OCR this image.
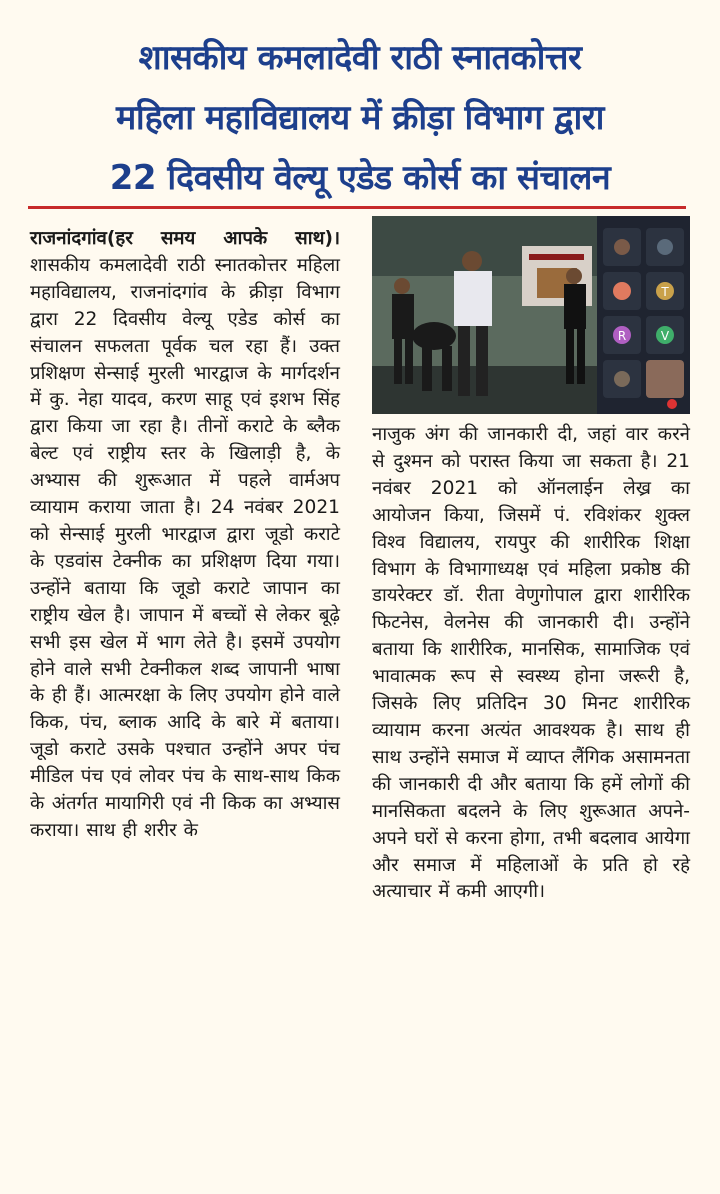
शासकीय कमलादेवी राठी स्नातकोत्तर
महिला महाविद्यालय में क्रीड़ा विभाग द्वारा
22 दिवसीय वेल्यू एडेड कोर्स का संचालन
राजनांदगांव(हर समय आपके साथ)। शासकीय कमलादेवी राठी स्नातकोत्तर महिला महाविद्यालय, राजनांदगांव के क्रीड़ा विभाग द्वारा 22 दिवसीय वेल्यू एडेड कोर्स का संचालन सफलता पूर्वक चल रहा हैं। उक्त प्रशिक्षण सेन्साई मुरली भारद्वाज के मार्गदर्शन में कु. नेहा यादव, करण साहू एवं इशभ सिंह द्वारा किया जा रहा है। तीनों कराटे के ब्लैक बेल्ट एवं राष्ट्रीय स्तर के खिलाड़ी है, के अभ्यास की शुरूआत में पहले वार्मअप व्यायाम कराया जाता है। 24 नवंबर 2021 को सेन्साई मुरली भारद्वाज द्वारा जूडो कराटे के एडवांस टेक्नीक का प्रशिक्षण दिया गया। उन्होंने बताया कि जूडो कराटे जापान का राष्ट्रीय खेल है। जापान में बच्चों से लेकर बूढ़े सभी इस खेल में भाग लेते है। इसमें उपयोग होने वाले सभी टेक्नीकल शब्द जापानी भाषा के ही हैं। आत्मरक्षा के लिए उपयोग होने वाले किक, पंच, ब्लाक आदि के बारे में बताया। जूडो कराटे उसके पश्चात उन्होंने अपर पंच मीडिल पंच एवं लोवर पंच के साथ-साथ किक के अंतर्गत मायागिरी एवं नी किक का अभ्यास कराया। साथ ही शरीर के
T
R	V
नाजुक अंग की जानकारी दी, जहां वार करने से दुश्मन को परास्त किया जा सकता है। 21 नवंबर 2021 को ऑनलाईन लेख्र का आयोजन किया, जिसमें पं. रविशंकर शुक्ल विश्व विद्यालय, रायपुर की शारीरिक शिक्षा विभाग के विभागाध्यक्ष एवं महिला प्रकोष्ठ की डायरेक्टर डॉ. रीता वेणुगोपाल द्वारा शारीरिक फिटनेस, वेलनेस की जानकारी दी। उन्होंने बताया कि शारीरिक, मानसिक, सामाजिक एवं भावात्मक रूप से स्वस्थ्य होना जरूरी है, जिसके लिए प्रतिदिन 30 मिनट शारीरिक व्यायाम करना अत्यंत आवश्यक है। साथ ही साथ उन्होंने समाज में व्याप्त लैंगिक असामनता की जानकारी दी और बताया कि हमें लोगों की मानसिकता बदलने के लिए शुरूआत अपने-अपने घरों से करना होगा, तभी बदलाव आयेगा और समाज में महिलाओं के प्रति हो रहे अत्याचार में कमी आएगी।
